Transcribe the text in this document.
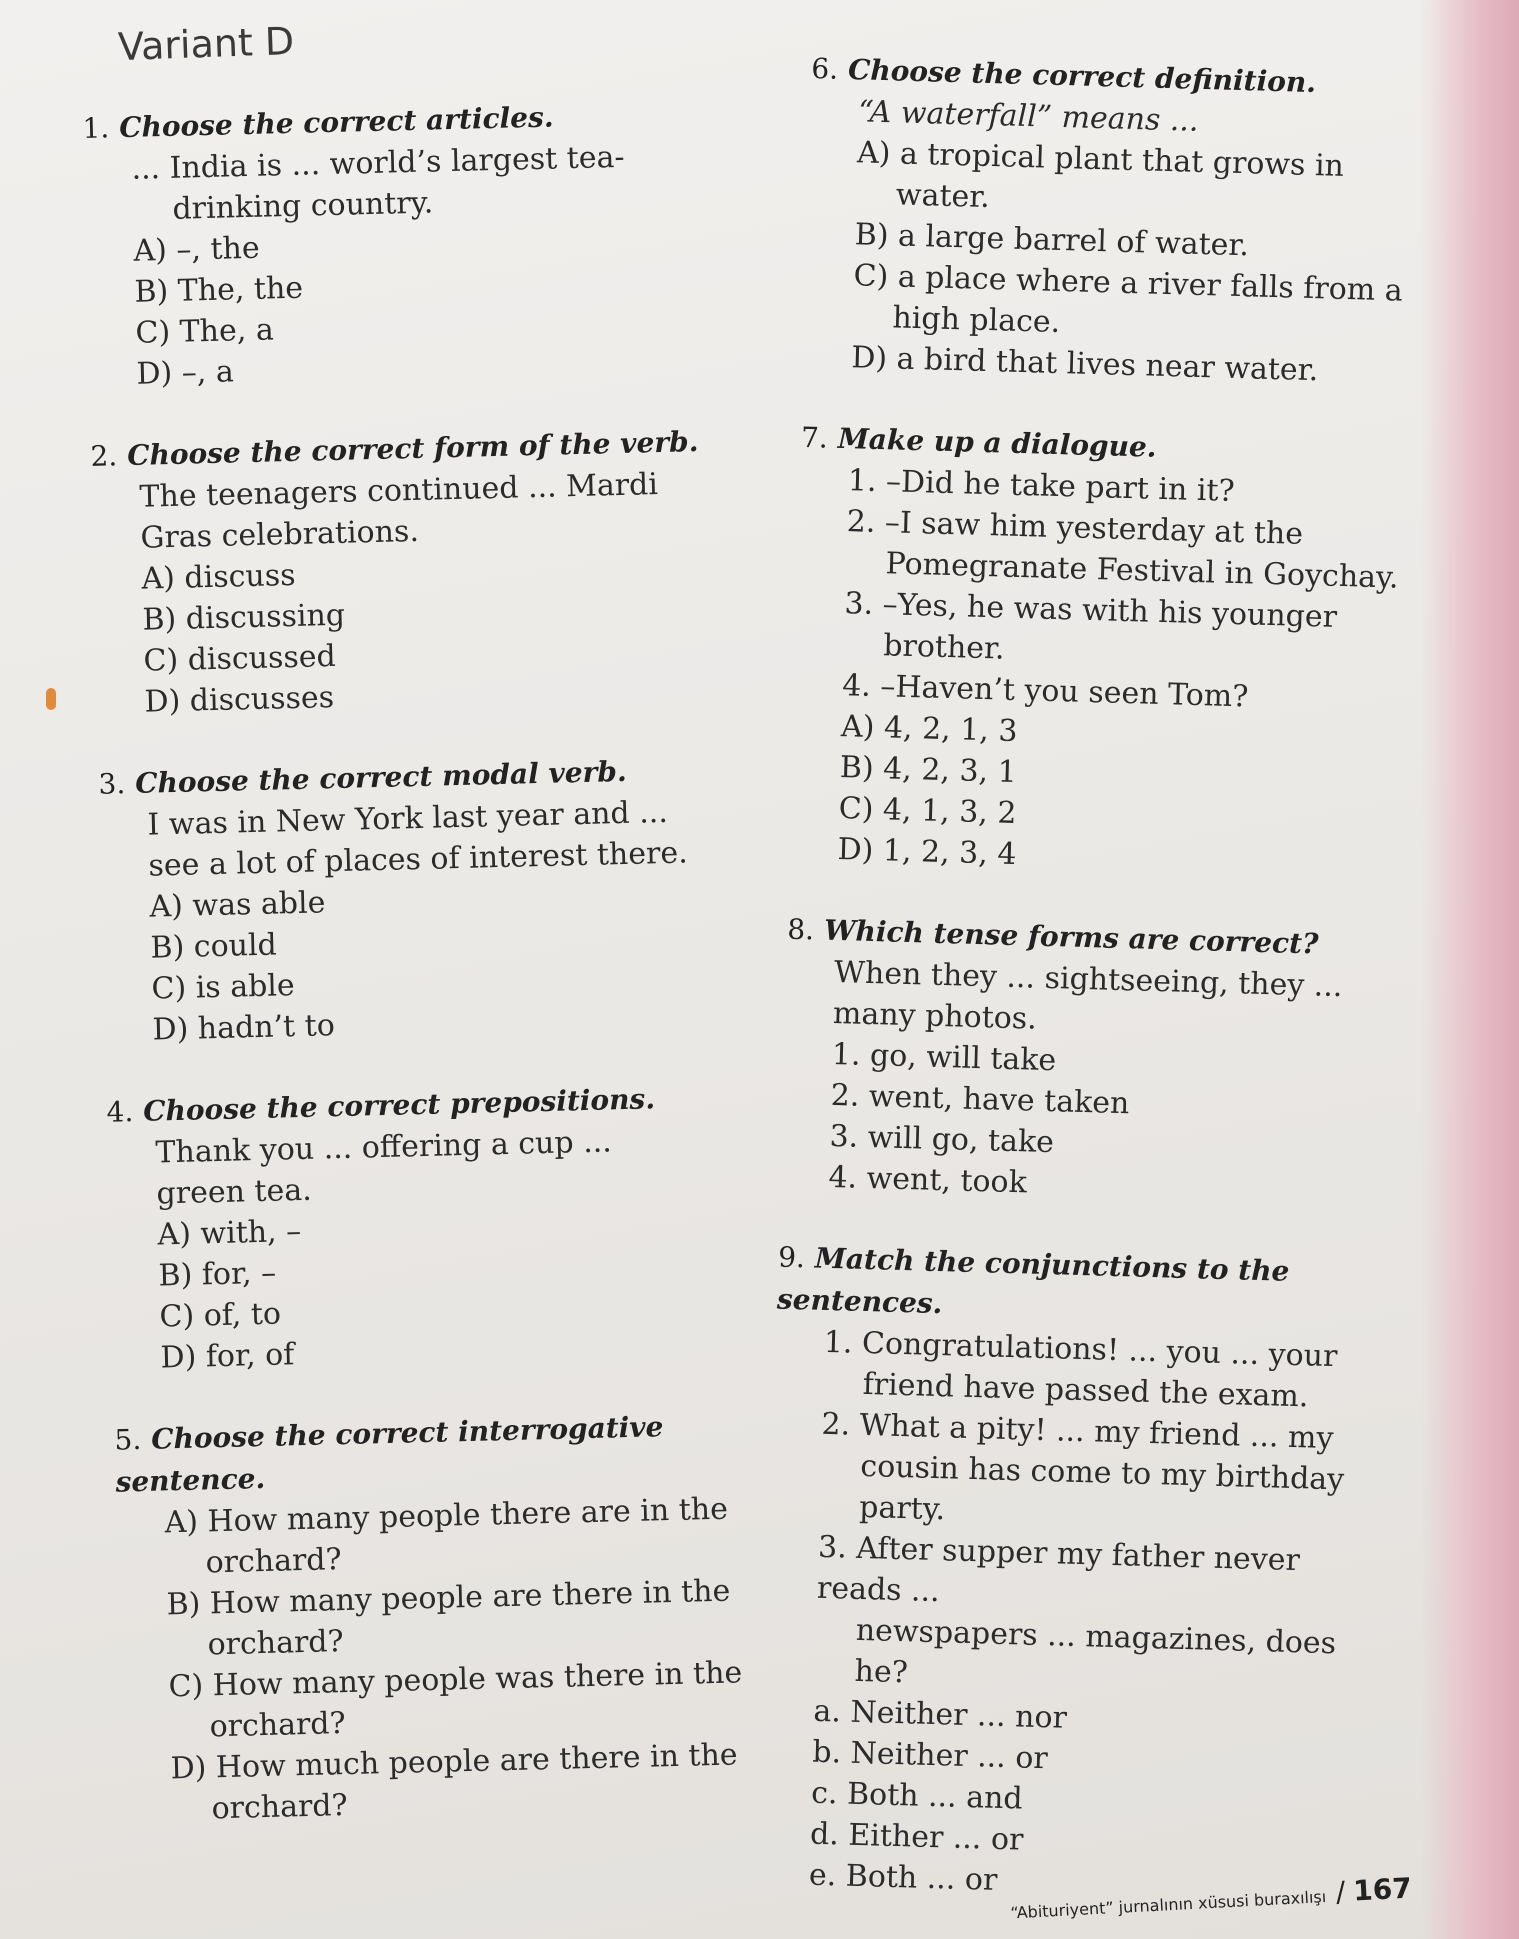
Variant D
1. Choose the correct articles.
... India is ... world’s largest tea-
drinking country.
A) –, the
B) The, the
C) The, a
D) –, a
2. Choose the correct form of the verb.
The teenagers continued ... Mardi
Gras celebrations.
A) discuss
B) discussing
C) discussed
D) discusses
3. Choose the correct modal verb.
I was in New York last year and ...
see a lot of places of interest there.
A) was able
B) could
C) is able
D) hadn’t to
4. Choose the correct prepositions.
Thank you ... offering a cup ...
green tea.
A) with, –
B) for, –
C) of, to
D) for, of
5. Choose the correct interrogative sentence.
A) How many people there are in the
orchard?
B) How many people are there in the
orchard?
C) How many people was there in the
orchard?
D) How much people are there in the
orchard?
6. Choose the correct definition.
“A waterfall” means ...
A) a tropical plant that grows in
water.
B) a large barrel of water.
C) a place where a river falls from a
high place.
D) a bird that lives near water.
7. Make up a dialogue.
1. –Did he take part in it?
2. –I saw him yesterday at the
Pomegranate Festival in Goychay.
3. –Yes, he was with his younger
brother.
4. –Haven’t you seen Tom?
A) 4, 2, 1, 3
B) 4, 2, 3, 1
C) 4, 1, 3, 2
D) 1, 2, 3, 4
8. Which tense forms are correct?
When they ... sightseeing, they ...
many photos.
1. go, will take
2. went, have taken
3. will go, take
4. went, took
9. Match the conjunctions to the sentences.
1. Congratulations! ... you ... your
friend have passed the exam.
2. What a pity! ... my friend ... my
cousin has come to my birthday
party.
3. After supper my father never reads ...
newspapers ... magazines, does he?
a. Neither ... nor
b. Neither ... or
c. Both ... and
d. Either ... or
e. Both ... or
“Abituriyent” jurnalının xüsusi buraxılışı / 167
